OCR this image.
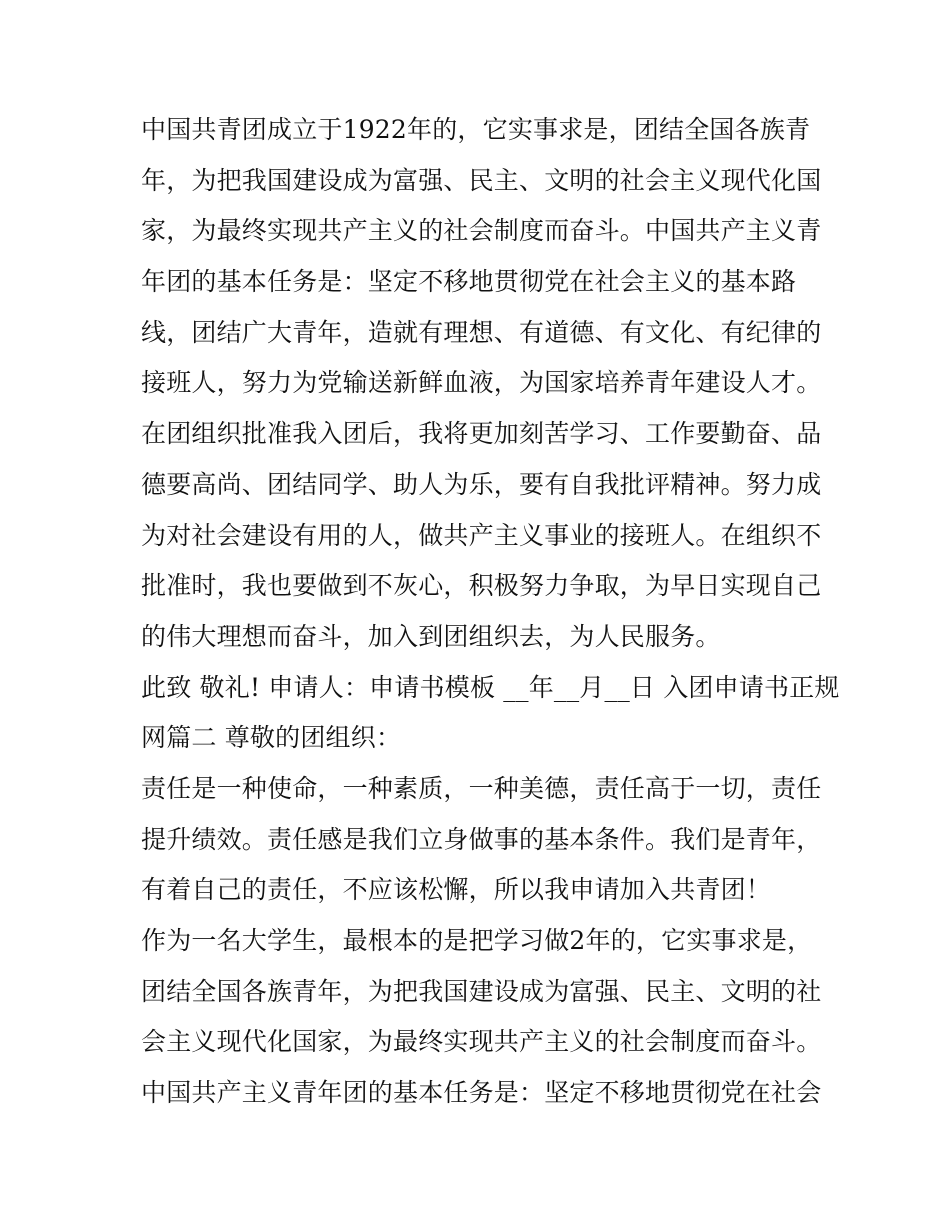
中国共青团成立于1922年的，它实事求是，团结全国各族青
年，为把我国建设成为富强、民主、文明的社会主义现代化国
家，为最终实现共产主义的社会制度而奋斗。中国共产主义青
年团的基本任务是：坚定不移地贯彻党在社会主义的基本路
线，团结广大青年，造就有理想、有道德、有文化、有纪律的
接班人，努力为党输送新鲜血液，为国家培养青年建设人才。
在团组织批准我入团后，我将更加刻苦学习、工作要勤奋、品
德要高尚、团结同学、助人为乐，要有自我批评精神。努力成
为对社会建设有用的人，做共产主义事业的接班人。在组织不
批准时，我也要做到不灰心，积极努力争取，为早日实现自己
的伟大理想而奋斗，加入到团组织去，为人民服务。
此致 敬礼! 申请人：申请书模板 __年__月__日 入团申请书正规
网篇二 尊敬的团组织：
责任是一种使命，一种素质，一种美德，责任高于一切，责任
提升绩效。责任感是我们立身做事的基本条件。我们是青年，
有着自己的责任，不应该松懈，所以我申请加入共青团！
作为一名大学生，最根本的是把学习做2年的，它实事求是，
团结全国各族青年，为把我国建设成为富强、民主、文明的社
会主义现代化国家，为最终实现共产主义的社会制度而奋斗。
中国共产主义青年团的基本任务是：坚定不移地贯彻党在社会
